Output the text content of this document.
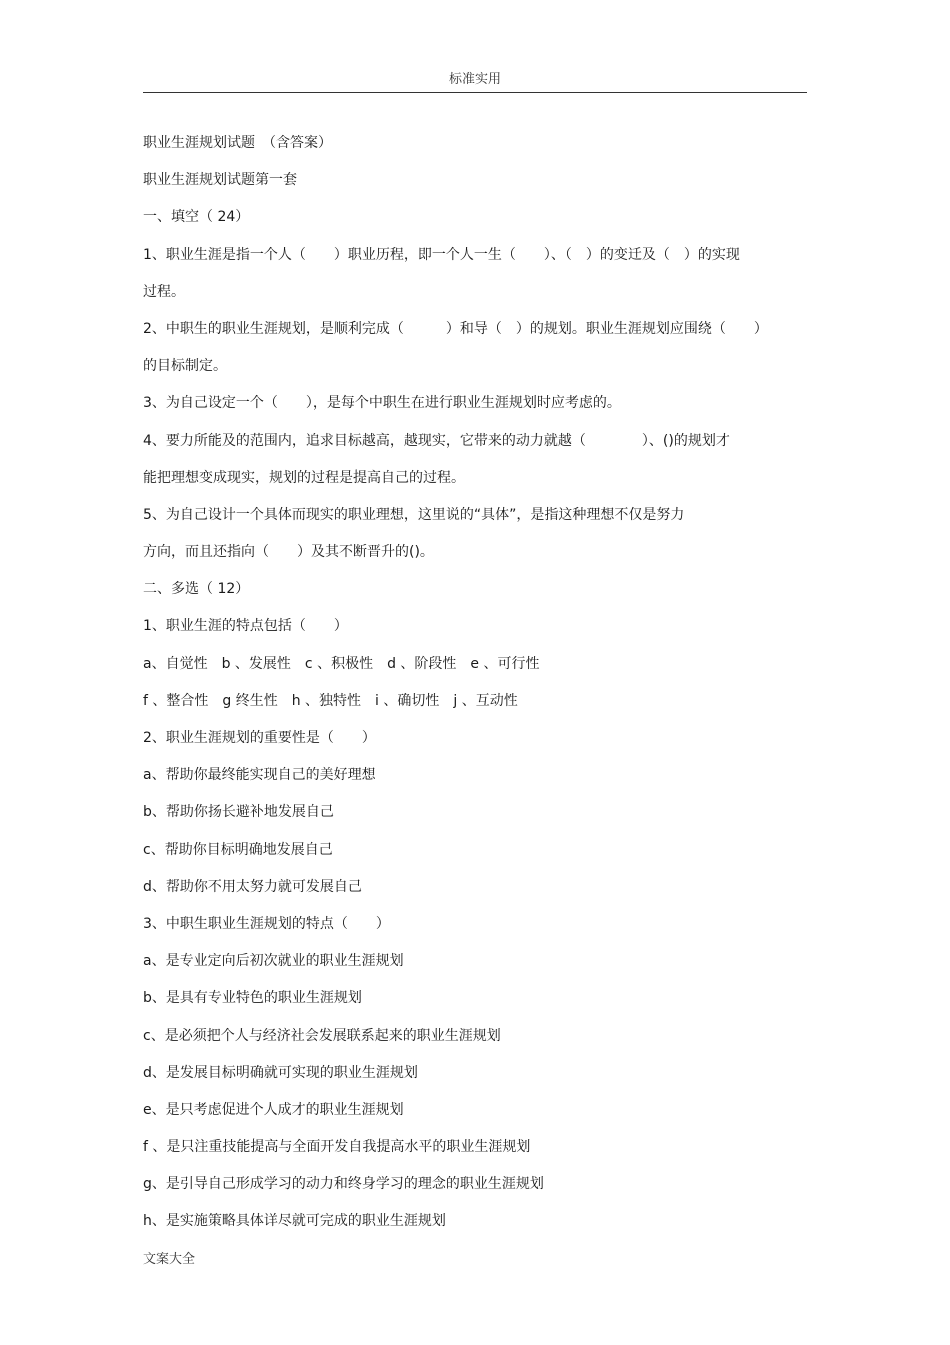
标准实用
职业生涯规划试题　（含答案）
职业生涯规划试题第一套
一、填空（ 24）
1、职业生涯是指一个人（　　）职业历程，即一个人一生（　　）、（　）的变迁及（　）的实现
过程。
2、中职生的职业生涯规划，是顺利完成（　　　）和导（　）的规划。职业生涯规划应围绕（　　）
的目标制定。
3、为自己设定一个（　　），是每个中职生在进行职业生涯规划时应考虑的。
4、要力所能及的范围内，追求目标越高，越现实，它带来的动力就越（　　　　）、()的规划才
能把理想变成现实，规划的过程是提高自己的过程。
5、为自己设计一个具体而现实的职业理想，这里说的“具体”，是指这种理想不仅是努力
方向，而且还指向（　　）及其不断晋升的()。
二、多选（ 12）
1、职业生涯的特点包括（　　）
a、自觉性　b 、发展性　c 、积极性　d 、阶段性　e 、可行性
f 、整合性　g 终生性　h 、独特性　i 、确切性　j 、互动性
2、职业生涯规划的重要性是（　　）
a、帮助你最终能实现自己的美好理想
b、帮助你扬长避补地发展自己
c、帮助你目标明确地发展自己
d、帮助你不用太努力就可发展自己
3、中职生职业生涯规划的特点（　　）
a、是专业定向后初次就业的职业生涯规划
b、是具有专业特色的职业生涯规划
c、是必须把个人与经济社会发展联系起来的职业生涯规划
d、是发展目标明确就可实现的职业生涯规划
e、是只考虑促进个人成才的职业生涯规划
f 、是只注重技能提高与全面开发自我提高水平的职业生涯规划
g、是引导自己形成学习的动力和终身学习的理念的职业生涯规划
h、是实施策略具体详尽就可完成的职业生涯规划
文案大全
